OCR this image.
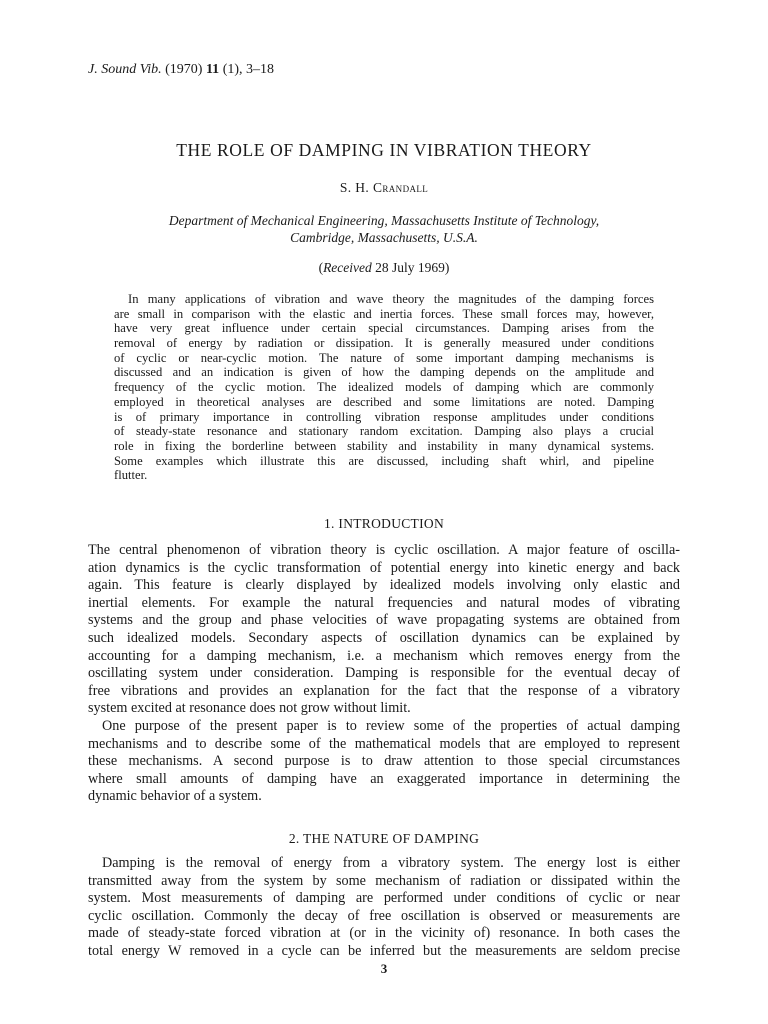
J. Sound Vib. (1970) 11 (1), 3–18
THE ROLE OF DAMPING IN VIBRATION THEORY
S. H. Crandall
Department of Mechanical Engineering, Massachusetts Institute of Technology,
Cambridge, Massachusetts, U.S.A.
(Received 28 July 1969)
In many applications of vibration and wave theory the magnitudes of the damping forces
are small in comparison with the elastic and inertia forces. These small forces may, however,
have very great influence under certain special circumstances. Damping arises from the
removal of energy by radiation or dissipation. It is generally measured under conditions
of cyclic or near-cyclic motion. The nature of some important damping mechanisms is
discussed and an indication is given of how the damping depends on the amplitude and
frequency of the cyclic motion. The idealized models of damping which are commonly
employed in theoretical analyses are described and some limitations are noted. Damping
is of primary importance in controlling vibration response amplitudes under conditions
of steady-state resonance and stationary random excitation. Damping also plays a crucial
role in fixing the borderline between stability and instability in many dynamical systems.
Some examples which illustrate this are discussed, including shaft whirl, and pipeline
flutter.
1. INTRODUCTION
The central phenomenon of vibration theory is cyclic oscillation. A major feature of oscilla-
ation dynamics is the cyclic transformation of potential energy into kinetic energy and back
again. This feature is clearly displayed by idealized models involving only elastic and
inertial elements. For example the natural frequencies and natural modes of vibrating
systems and the group and phase velocities of wave propagating systems are obtained from
such idealized models. Secondary aspects of oscillation dynamics can be explained by
accounting for a damping mechanism, i.e. a mechanism which removes energy from the
oscillating system under consideration. Damping is responsible for the eventual decay of
free vibrations and provides an explanation for the fact that the response of a vibratory
system excited at resonance does not grow without limit.
One purpose of the present paper is to review some of the properties of actual damping
mechanisms and to describe some of the mathematical models that are employed to represent
these mechanisms. A second purpose is to draw attention to those special circumstances
where small amounts of damping have an exaggerated importance in determining the
dynamic behavior of a system.
2. THE NATURE OF DAMPING
Damping is the removal of energy from a vibratory system. The energy lost is either
transmitted away from the system by some mechanism of radiation or dissipated within the
system. Most measurements of damping are performed under conditions of cyclic or near
cyclic oscillation. Commonly the decay of free oscillation is observed or measurements are
made of steady-state forced vibration at (or in the vicinity of) resonance. In both cases the
total energy W removed in a cycle can be inferred but the measurements are seldom precise
3
